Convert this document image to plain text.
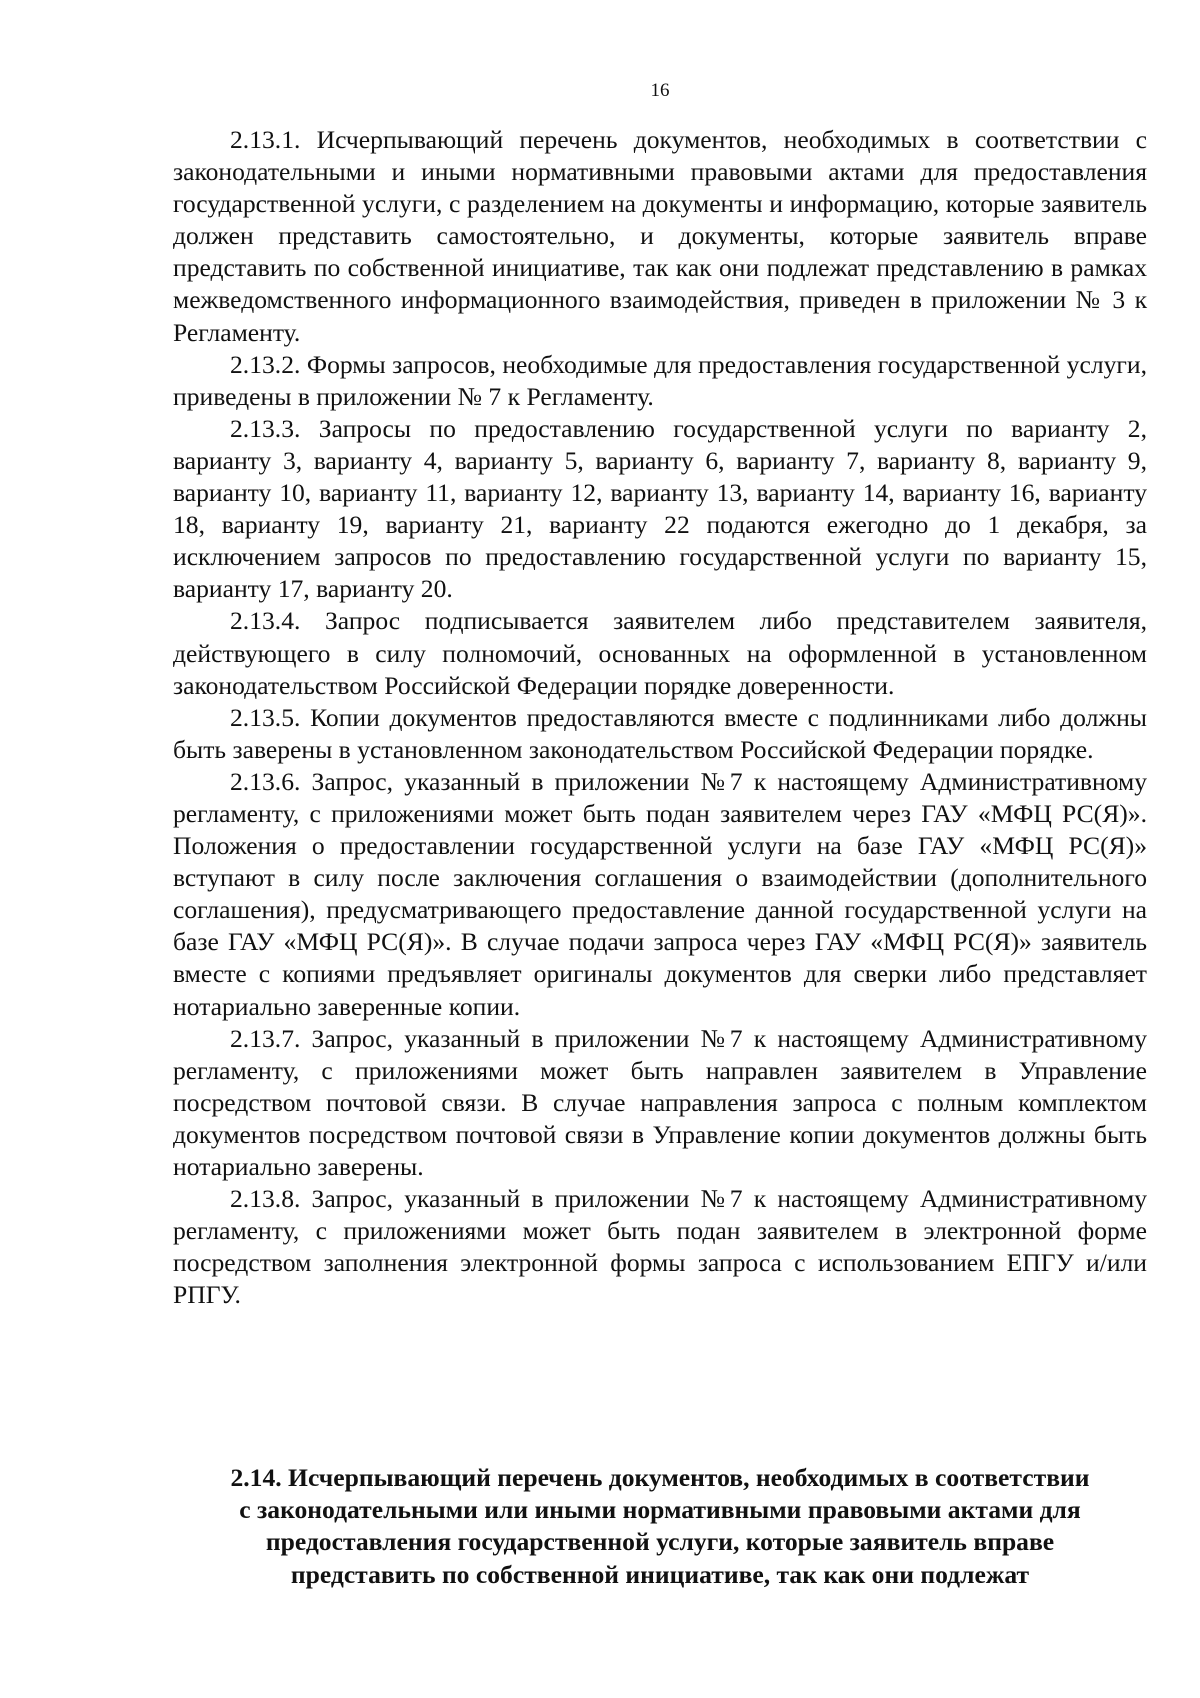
16

2.13.1. Исчерпывающий перечень документов, необходимых в соответствии с законодательными и иными нормативными правовыми актами для предоставления государственной услуги, с разделением на документы и информацию, которые заявитель должен представить самостоятельно, и документы, которые заявитель вправе представить по собственной инициативе, так как они подлежат представлению в рамках межведомственного информационного взаимодействия, приведен в приложении № 3 к Регламенту.

2.13.2. Формы запросов, необходимые для предоставления государственной услуги, приведены в приложении № 7 к Регламенту.

2.13.3. Запросы по предоставлению государственной услуги по варианту 2, варианту 3, варианту 4, варианту 5, варианту 6, варианту 7, варианту 8, варианту 9, варианту 10, варианту 11, варианту 12, варианту 13, варианту 14, варианту 16, варианту 18, варианту 19, варианту 21, варианту 22 подаются ежегодно до 1 декабря, за исключением запросов по предоставлению государственной услуги по варианту 15, варианту 17, варианту 20.

2.13.4. Запрос подписывается заявителем либо представителем заявителя, действующего в силу полномочий, основанных на оформленной в установленном законодательством Российской Федерации порядке доверенности.

2.13.5. Копии документов предоставляются вместе с подлинниками либо должны быть заверены в установленном законодательством Российской Федерации порядке.

2.13.6. Запрос, указанный в приложении №7 к настоящему Административному регламенту, с приложениями может быть подан заявителем через ГАУ «МФЦ РС(Я)». Положения о предоставлении государственной услуги на базе ГАУ «МФЦ РС(Я)» вступают в силу после заключения соглашения о взаимодействии (дополнительного соглашения), предусматривающего предоставление данной государственной услуги на базе ГАУ «МФЦ РС(Я)». В случае подачи запроса через ГАУ «МФЦ РС(Я)» заявитель вместе с копиями предъявляет оригиналы документов для сверки либо представляет нотариально заверенные копии.

2.13.7. Запрос, указанный в приложении №7 к настоящему Административному регламенту, с приложениями может быть направлен заявителем в Управление посредством почтовой связи. В случае направления запроса с полным комплектом документов посредством почтовой связи в Управление копии документов должны быть нотариально заверены.

2.13.8. Запрос, указанный в приложении №7 к настоящему Административному регламенту, с приложениями может быть подан заявителем в электронной форме посредством заполнения электронной формы запроса с использованием ЕПГУ и/или РПГУ.

2.14. Исчерпывающий перечень документов, необходимых в соответствии

с законодательными или иными нормативными правовыми актами для

предоставления государственной услуги, которые заявитель вправе

представить по собственной инициативе, так как они подлежат
